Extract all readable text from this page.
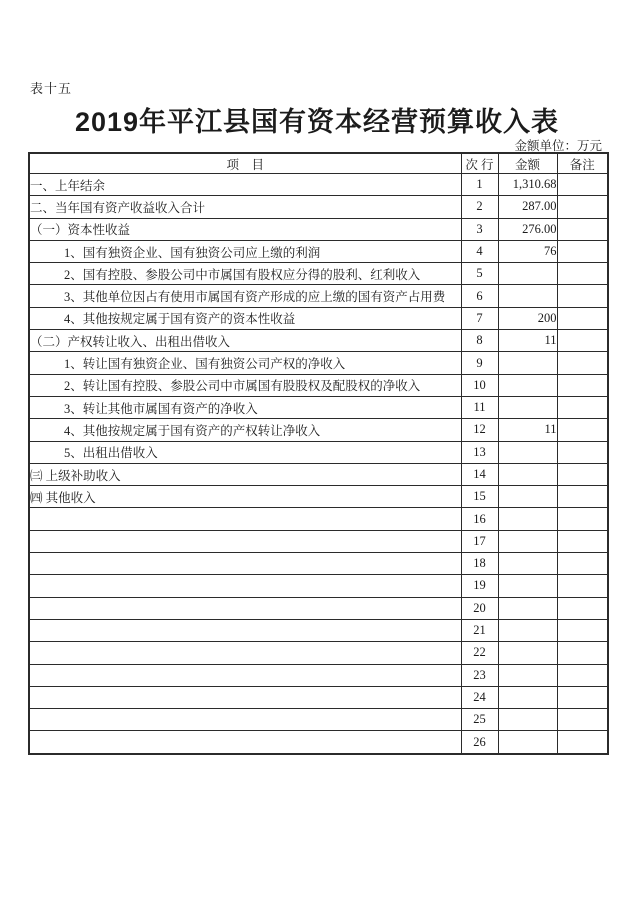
表十五
2019年平江县国有资本经营预算收入表
金额单位：万元
项　目	次 行	金额	备注
一、上年结余	1	1,310.68	
二、当年国有资产收益收入合计	2	287.00	
（一）资本性收益	3	276.00	
1、国有独资企业、国有独资公司应上缴的利润	4	76	
2、国有控股、参股公司中市属国有股权应分得的股利、红利收入	5		
3、其他单位因占有使用市属国有资产形成的应上缴的国有资产占用费	6		
4、其他按规定属于国有资产的资本性收益	7	200	
（二）产权转让收入、出租出借收入	8	11	
1、转让国有独资企业、国有独资公司产权的净收入	9		
2、转让国有控股、参股公司中市属国有股股权及配股权的净收入	10		
3、转让其他市属国有资产的净收入	11		
4、其他按规定属于国有资产的产权转让净收入	12	11	
5、出租出借收入	13		
㈢ 上级补助收入	14		
㈣ 其他收入	15		
	16		
	17		
	18		
	19		
	20		
	21		
	22		
	23		
	24		
	25		
	26		
